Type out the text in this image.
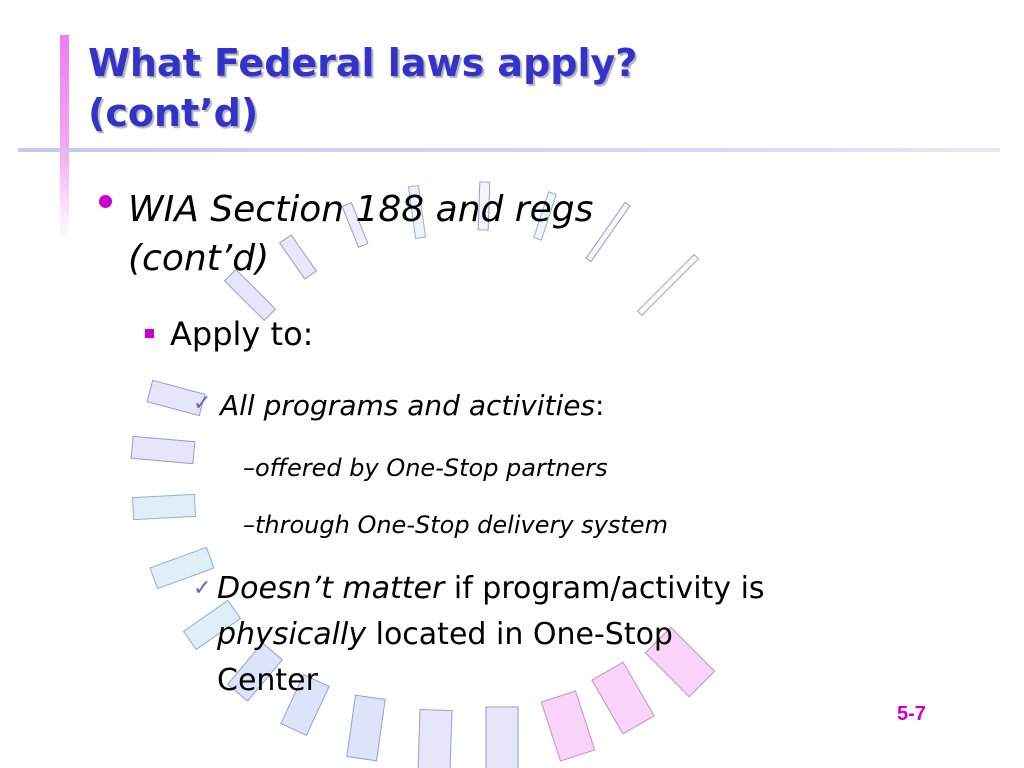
What Federal laws apply?
(cont’d)
WIA Section 188 and regs
(cont’d)
Apply to:
✓ All programs and activities:
–offered by One-Stop partners
–through One-Stop delivery system
✓ Doesn’t matter if program/activity is
physically located in One-Stop
Center
5-7
